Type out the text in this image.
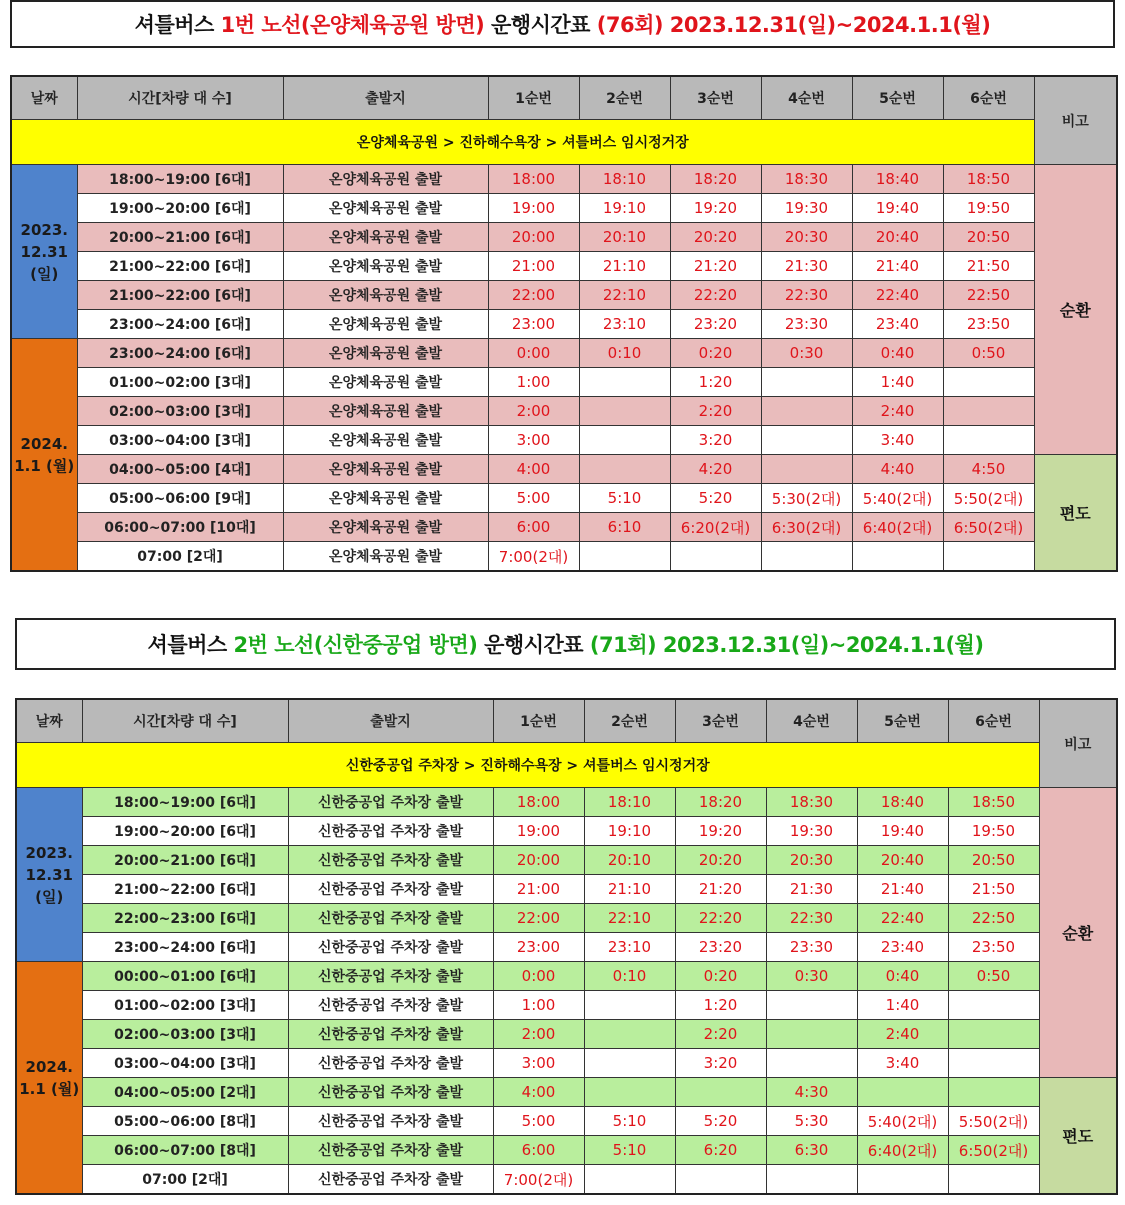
셔틀버스 1번 노선(온양체육공원 방면) 운행시간표 (76회) 2023.12.31(일)~2024.1.1(월)
날짜	시간[차량 대 수]	출발지	1순번	2순번	3순번	4순번	5순번	6순번	비고
온양체육공원 > 진하해수욕장 > 셔틀버스 임시정거장									
2023. 12.31 (일)	18:00~19:00 [6대]	온양체육공원 출발	18:00	18:10	18:20	18:30	18:40	18:50	순환
	19:00~20:00 [6대]	온양체육공원 출발	19:00	19:10	19:20	19:30	19:40	19:50	
	20:00~21:00 [6대]	온양체육공원 출발	20:00	20:10	20:20	20:30	20:40	20:50	
	21:00~22:00 [6대]	온양체육공원 출발	21:00	21:10	21:20	21:30	21:40	21:50	
	21:00~22:00 [6대]	온양체육공원 출발	22:00	22:10	22:20	22:30	22:40	22:50	
	23:00~24:00 [6대]	온양체육공원 출발	23:00	23:10	23:20	23:30	23:40	23:50	
2024. 1.1 (월)	23:00~24:00 [6대]	온양체육공원 출발	0:00	0:10	0:20	0:30	0:40	0:50	
	01:00~02:00 [3대]	온양체육공원 출발	1:00		1:20		1:40		
	02:00~03:00 [3대]	온양체육공원 출발	2:00		2:20		2:40		
	03:00~04:00 [3대]	온양체육공원 출발	3:00		3:20		3:40		
	04:00~05:00 [4대]	온양체육공원 출발	4:00		4:20		4:40	4:50	편도
	05:00~06:00 [9대]	온양체육공원 출발	5:00	5:10	5:20	5:30(2대)	5:40(2대)	5:50(2대)	
	06:00~07:00 [10대]	온양체육공원 출발	6:00	6:10	6:20(2대)	6:30(2대)	6:40(2대)	6:50(2대)	
	07:00 [2대]	온양체육공원 출발	7:00(2대)						
셔틀버스 2번 노선(신한중공업 방면) 운행시간표 (71회) 2023.12.31(일)~2024.1.1(월)
날짜	시간[차량 대 수]	출발지	1순번	2순번	3순번	4순번	5순번	6순번	비고
신한중공업 주차장 > 진하해수욕장 > 셔틀버스 임시정거장									
2023. 12.31 (일)	18:00~19:00 [6대]	신한중공업 주차장 출발	18:00	18:10	18:20	18:30	18:40	18:50	순환
	19:00~20:00 [6대]	신한중공업 주차장 출발	19:00	19:10	19:20	19:30	19:40	19:50	
	20:00~21:00 [6대]	신한중공업 주차장 출발	20:00	20:10	20:20	20:30	20:40	20:50	
	21:00~22:00 [6대]	신한중공업 주차장 출발	21:00	21:10	21:20	21:30	21:40	21:50	
	22:00~23:00 [6대]	신한중공업 주차장 출발	22:00	22:10	22:20	22:30	22:40	22:50	
	23:00~24:00 [6대]	신한중공업 주차장 출발	23:00	23:10	23:20	23:30	23:40	23:50	
2024. 1.1 (월)	00:00~01:00 [6대]	신한중공업 주차장 출발	0:00	0:10	0:20	0:30	0:40	0:50	
	01:00~02:00 [3대]	신한중공업 주차장 출발	1:00		1:20		1:40		
	02:00~03:00 [3대]	신한중공업 주차장 출발	2:00		2:20		2:40		
	03:00~04:00 [3대]	신한중공업 주차장 출발	3:00		3:20		3:40		
	04:00~05:00 [2대]	신한중공업 주차장 출발	4:00			4:30			편도
	05:00~06:00 [8대]	신한중공업 주차장 출발	5:00	5:10	5:20	5:30	5:40(2대)	5:50(2대)	
	06:00~07:00 [8대]	신한중공업 주차장 출발	6:00	5:10	6:20	6:30	6:40(2대)	6:50(2대)	
	07:00 [2대]	신한중공업 주차장 출발	7:00(2대)						
